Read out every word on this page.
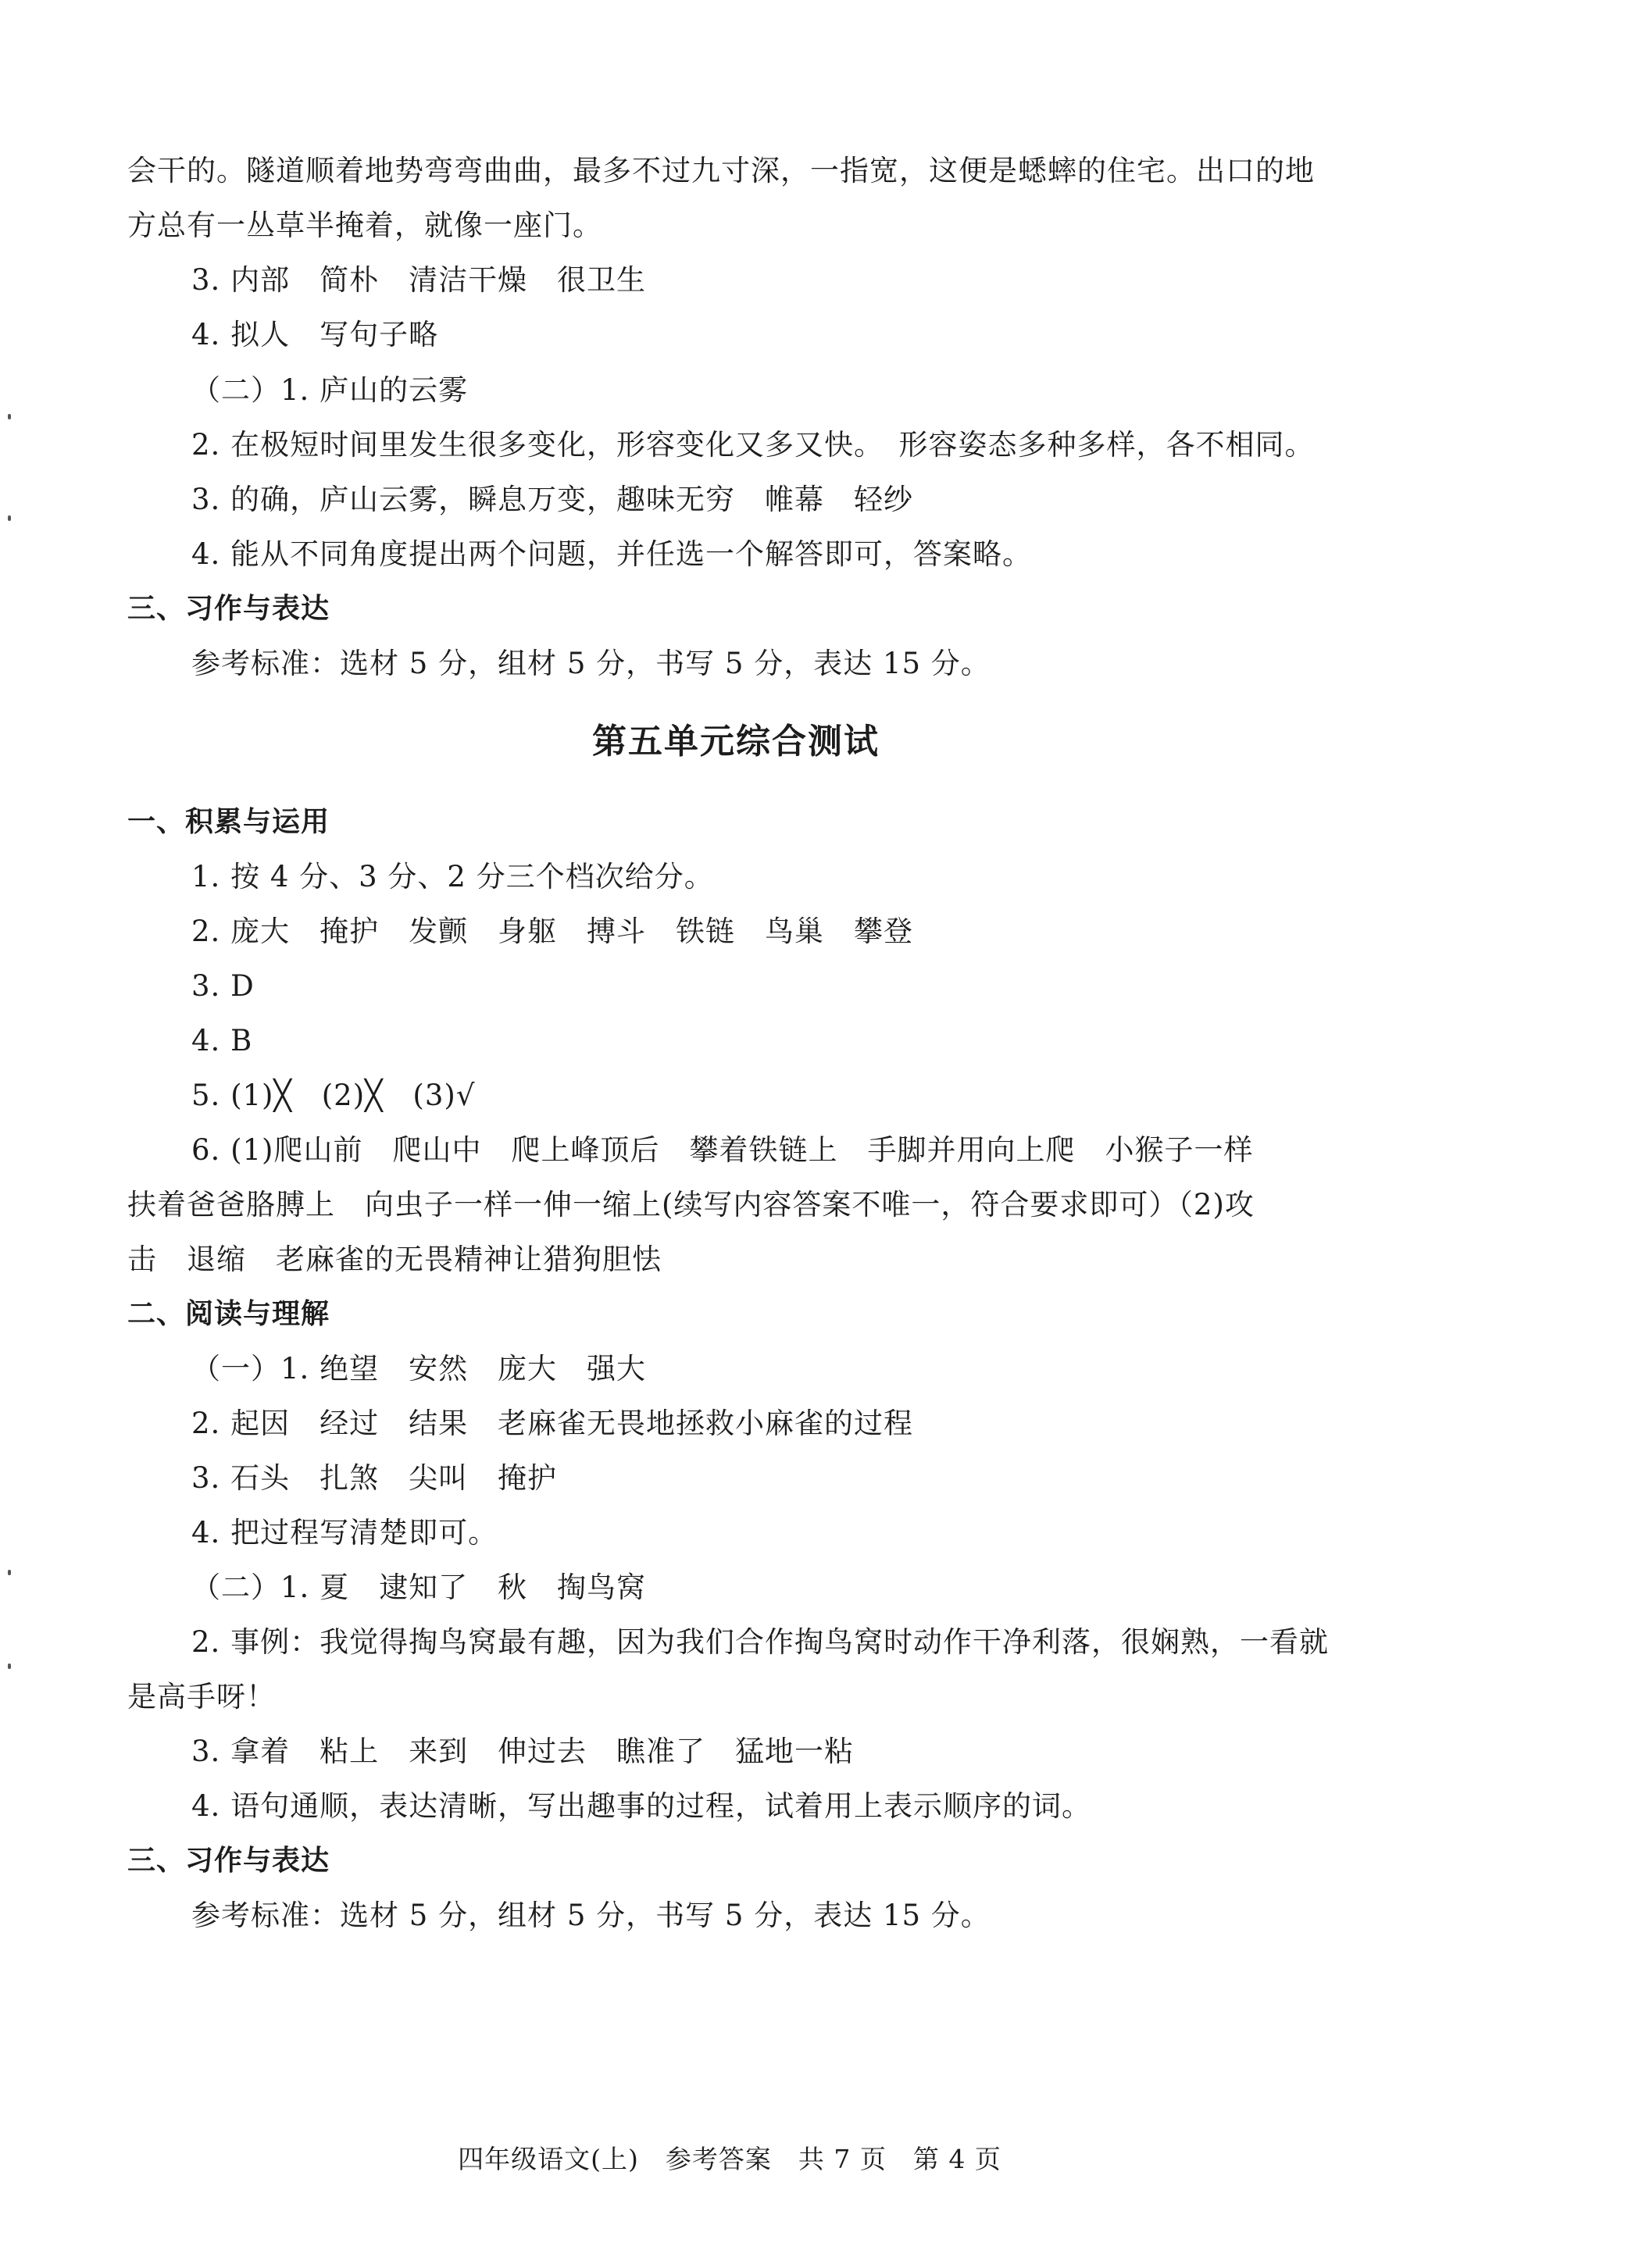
会干的。隧道顺着地势弯弯曲曲，最多不过九寸深，一指宽，这便是蟋蟀的住宅。出口的地
方总有一丛草半掩着，就像一座门。
3. 内部　简朴　清洁干燥　很卫生
4. 拟人　写句子略
（二）1. 庐山的云雾
2. 在极短时间里发生很多变化，形容变化又多又快。　形容姿态多种多样，各不相同。
3. 的确，庐山云雾，瞬息万变，趣味无穷　帷幕　轻纱
4. 能从不同角度提出两个问题，并任选一个解答即可，答案略。
三、习作与表达
参考标准：选材 5 分，组材 5 分，书写 5 分，表达 15 分。
第五单元综合测试
一、积累与运用
1. 按 4 分、3 分、2 分三个档次给分。
2. 庞大　掩护　发颤　身躯　搏斗　铁链　鸟巢　攀登
3. D
4. B
5. (1)╳　(2)╳　(3)√
6. (1)爬山前　爬山中　爬上峰顶后　攀着铁链上　手脚并用向上爬　小猴子一样
扶着爸爸胳膊上　向虫子一样一伸一缩上(续写内容答案不唯一，符合要求即可）（2)攻
击　退缩　老麻雀的无畏精神让猎狗胆怯
二、阅读与理解
（一）1. 绝望　安然　庞大　强大
2. 起因　经过　结果　老麻雀无畏地拯救小麻雀的过程
3. 石头　扎煞　尖叫　掩护
4. 把过程写清楚即可。
（二）1. 夏　逮知了　秋　掏鸟窝
2. 事例：我觉得掏鸟窝最有趣，因为我们合作掏鸟窝时动作干净利落，很娴熟，一看就
是高手呀！
3. 拿着　粘上　来到　伸过去　瞧准了　猛地一粘
4. 语句通顺，表达清晰，写出趣事的过程，试着用上表示顺序的词。
三、习作与表达
参考标准：选材 5 分，组材 5 分，书写 5 分，表达 15 分。
四年级语文(上)　参考答案　共 7 页　第 4 页
